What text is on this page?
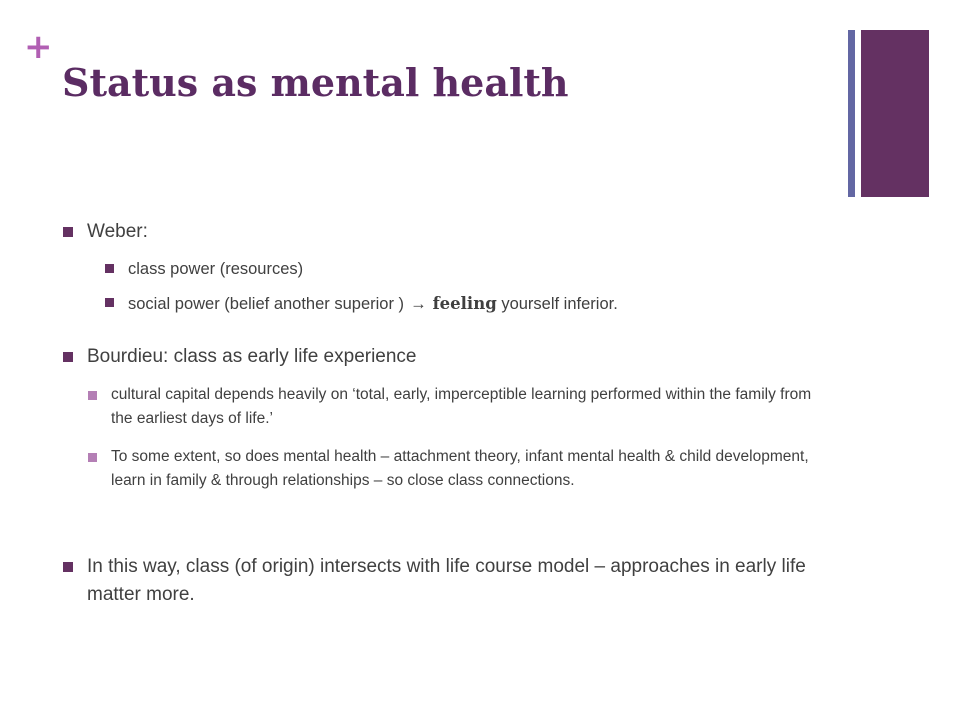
+
Status as mental health
Weber:
class power (resources)
social power (belief another superior ) → feeling yourself inferior.
Bourdieu: class as early life experience
cultural capital depends heavily on ‘total, early, imperceptible learning performed within the family from the earliest days of life.’
To some extent, so does mental health – attachment theory, infant mental health & child development, learn in family & through relationships – so close class connections.
In this way, class (of origin) intersects with life course model – approaches in early life matter more.
